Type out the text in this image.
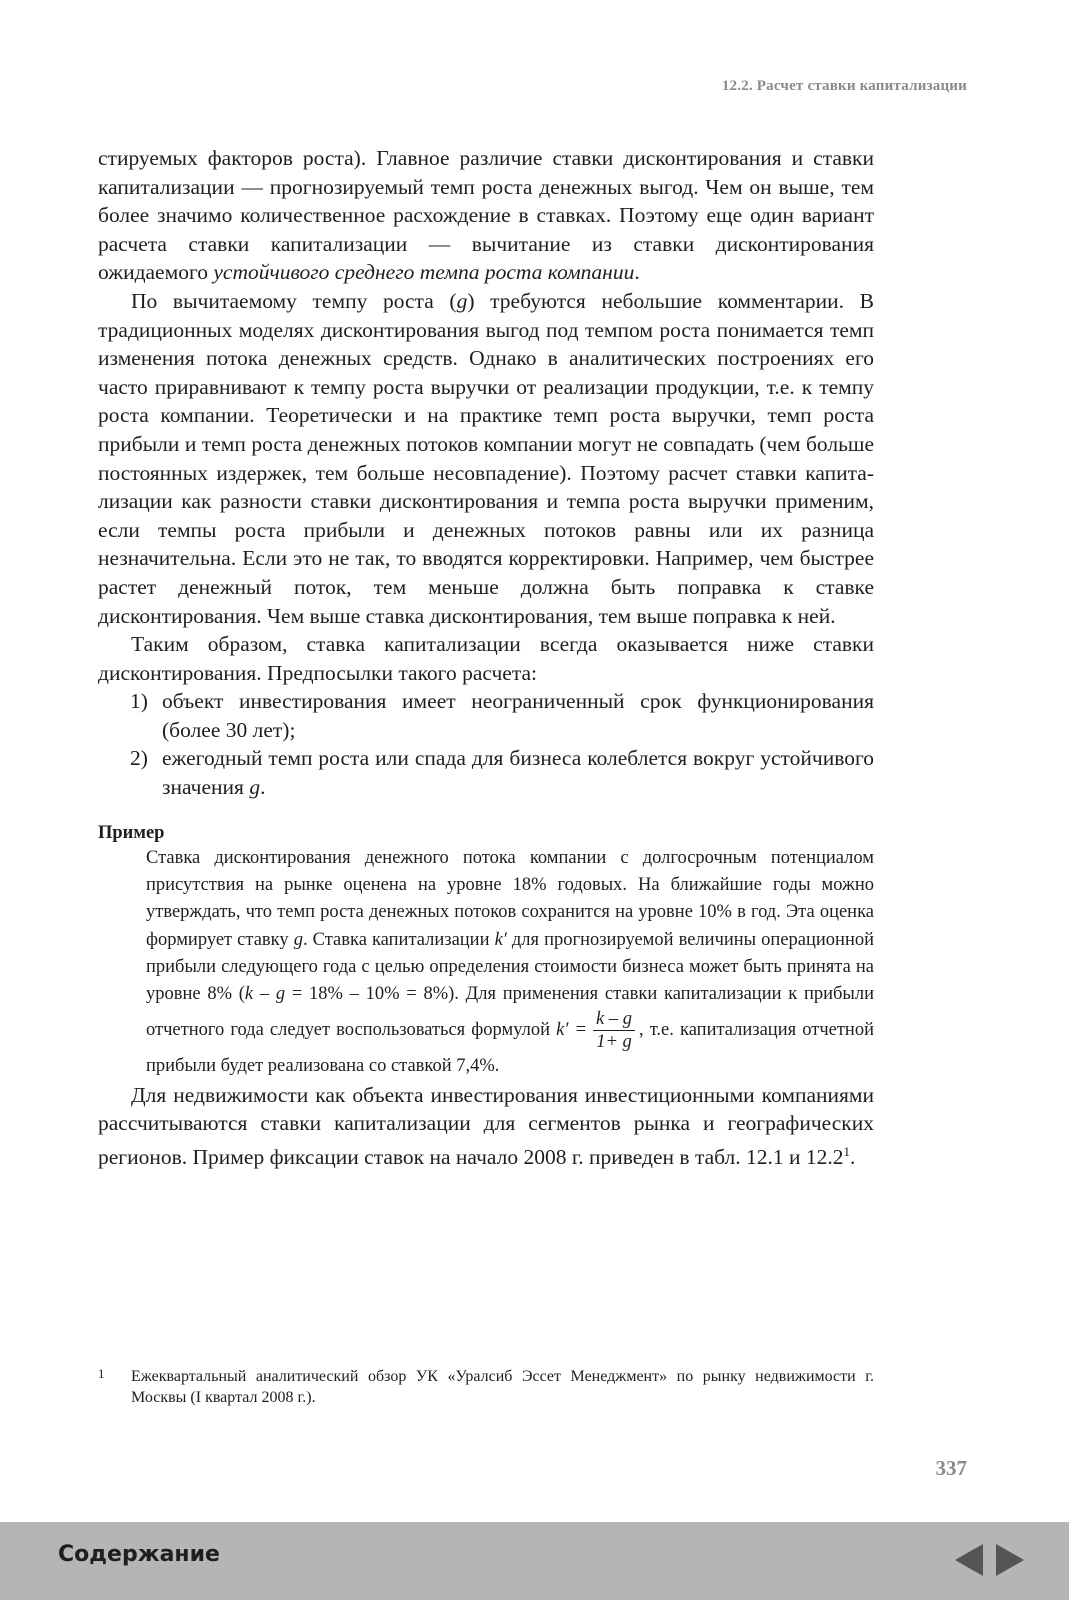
12.2. Расчет ставки капитализации

стируемых факторов роста). Главное различие ставки дисконтирования и ставки капитализации — прогнозируемый темп роста денежных выгод. Чем он выше, тем более значимо количественное расхождение в ставках. Поэтому еще один вариант расчета ставки капитализации — вычитание из ставки дисконтирования ожидаемого устойчивого среднего темпа роста компании.

По вычитаемому темпу роста (g) требуются небольшие комментарии. В традиционных моделях дисконтирования выгод под темпом роста понимается темп изменения потока денежных средств. Однако в аналитических построениях его часто приравнивают к темпу роста выручки от реализации продукции, т.е. к темпу роста компании. Теоретически и на практике темп роста выручки, темп роста прибыли и темп роста денежных потоков компании могут не совпадать (чем больше постоянных издержек, тем больше несовпадение). Поэтому расчет ставки капитализации как разности ставки дисконтирования и темпа роста выручки применим, если темпы роста прибыли и денежных потоков равны или их разница незначительна. Если это не так, то вводятся корректировки. Например, чем быстрее растет денежный поток, тем меньше должна быть поправка к ставке дисконтирования. Чем выше ставка дисконтирования, тем выше поправка к ней.

Таким образом, ставка капитализации всегда оказывается ниже ставки дисконтирования. Предпосылки такого расчета:

1) объект инвестирования имеет неограниченный срок функционирования (более 30 лет);
2) ежегодный темп роста или спада для бизнеса колеблется вокруг устойчивого значения g.
Пример

Ставка дисконтирования денежного потока компании с долгосрочным потенциалом присутствия на рынке оценена на уровне 18% годовых. На ближайшие годы можно утверждать, что темп роста денежных потоков сохранится на уровне 10% в год. Эта оценка формирует ставку g. Ставка капитализации k′ для прогнозируемой величины операционной прибыли следующего года с целью определения стоимости бизнеса может быть принята на уровне 8% (k – g = 18% – 10% = 8%). Для применения ставки капитализации к прибыли отчетного года следует воспользоваться формулой $k' = \frac{k - g}{1+ g}$ , т.е. капитализация отчетной прибыли будет реализована со ставкой 7,4%.

Для недвижимости как объекта инвестирования инвестиционными компаниями рассчитываются ставки капитализации для сегментов рынка и географических регионов. Пример фиксации ставок на начало 2008 г. приведен в табл. 12.1 и 12.2$^1$.

1	Ежеквартальный аналитический обзор УК «Уралсиб Эссет Менеджмент» по рынку недвижимости г. Москвы (I квартал 2008 г.).
337
Содержание
